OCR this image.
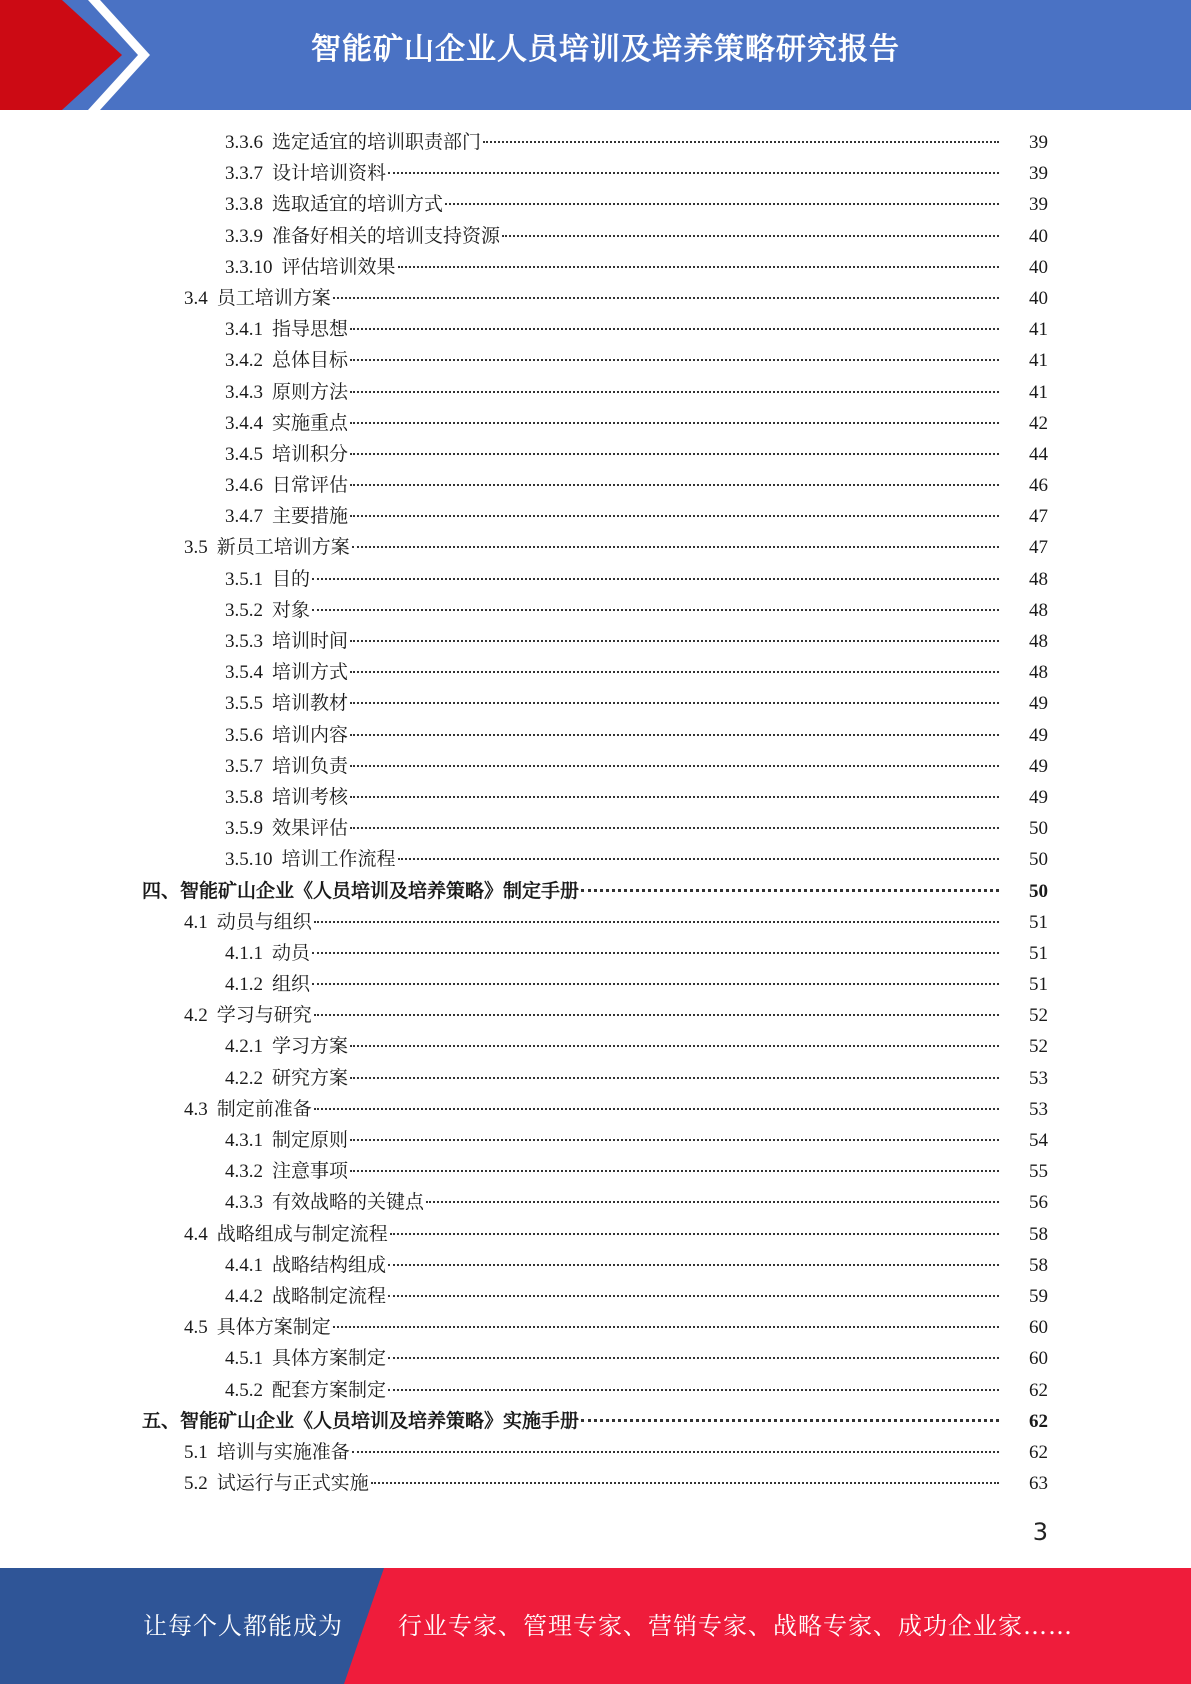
智能矿山企业人员培训及培养策略研究报告
3.3.6 选定适宜的培训职责部门	39
3.3.7 设计培训资料	39
3.3.8 选取适宜的培训方式	39
3.3.9 准备好相关的培训支持资源	40
3.3.10 评估培训效果	40
3.4 员工培训方案	40
3.4.1 指导思想	41
3.4.2 总体目标	41
3.4.3 原则方法	41
3.4.4 实施重点	42
3.4.5 培训积分	44
3.4.6 日常评估	46
3.4.7 主要措施	47
3.5 新员工培训方案	47
3.5.1 目的	48
3.5.2 对象	48
3.5.3 培训时间	48
3.5.4 培训方式	48
3.5.5 培训教材	49
3.5.6 培训内容	49
3.5.7 培训负责	49
3.5.8 培训考核	49
3.5.9 效果评估	50
3.5.10 培训工作流程	50
四、智能矿山企业《人员培训及培养策略》制定手册	50
4.1 动员与组织	51
4.1.1 动员	51
4.1.2 组织	51
4.2 学习与研究	52
4.2.1 学习方案	52
4.2.2 研究方案	53
4.3 制定前准备	53
4.3.1 制定原则	54
4.3.2 注意事项	55
4.3.3 有效战略的关键点	56
4.4 战略组成与制定流程	58
4.4.1 战略结构组成	58
4.4.2 战略制定流程	59
4.5 具体方案制定	60
4.5.1 具体方案制定	60
4.5.2 配套方案制定	62
五、智能矿山企业《人员培训及培养策略》实施手册	62
5.1 培训与实施准备	62
5.2 试运行与正式实施	63
3
让每个人都能成为 行业专家、管理专家、营销专家、战略专家、成功企业家……
